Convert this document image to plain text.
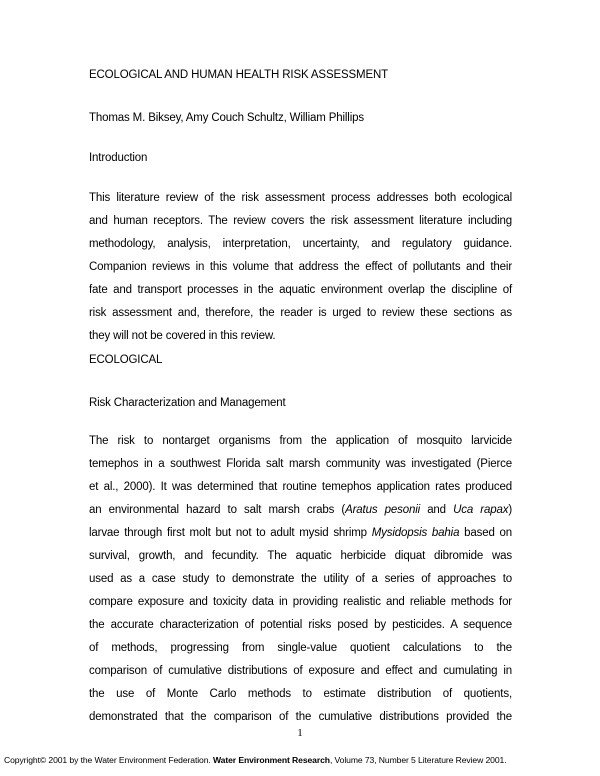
ECOLOGICAL AND HUMAN HEALTH RISK ASSESSMENT

Thomas M. Biksey, Amy Couch Schultz, William Phillips

Introduction

This literature review of the risk assessment process addresses both ecological

and human receptors. The review covers the risk assessment literature including

methodology, analysis, interpretation, uncertainty, and regulatory guidance.

Companion reviews in this volume that address the effect of pollutants and their

fate and transport processes in the aquatic environment overlap the discipline of

risk assessment and, therefore, the reader is urged to review these sections as

they will not be covered in this review.

ECOLOGICAL

Risk Characterization and Management

The risk to nontarget organisms from the application of mosquito larvicide

temephos in a southwest Florida salt marsh community was investigated (Pierce

et al., 2000). It was determined that routine temephos application rates produced

an environmental hazard to salt marsh crabs (Aratus pesonii and Uca rapax)

larvae through first molt but not to adult mysid shrimp Mysidopsis bahia based on

survival, growth, and fecundity. The aquatic herbicide diquat dibromide was

used as a case study to demonstrate the utility of a series of approaches to

compare exposure and toxicity data in providing realistic and reliable methods for

the accurate characterization of potential risks posed by pesticides. A sequence

of methods, progressing from single-value quotient calculations to the

comparison of cumulative distributions of exposure and effect and cumulating in

the use of Monte Carlo methods to estimate distribution of quotients,

demonstrated that the comparison of the cumulative distributions provided the

1
Copyright© 2001 by the Water Environment Federation. Water Environment Research, Volume 73, Number 5 Literature Review 2001.
